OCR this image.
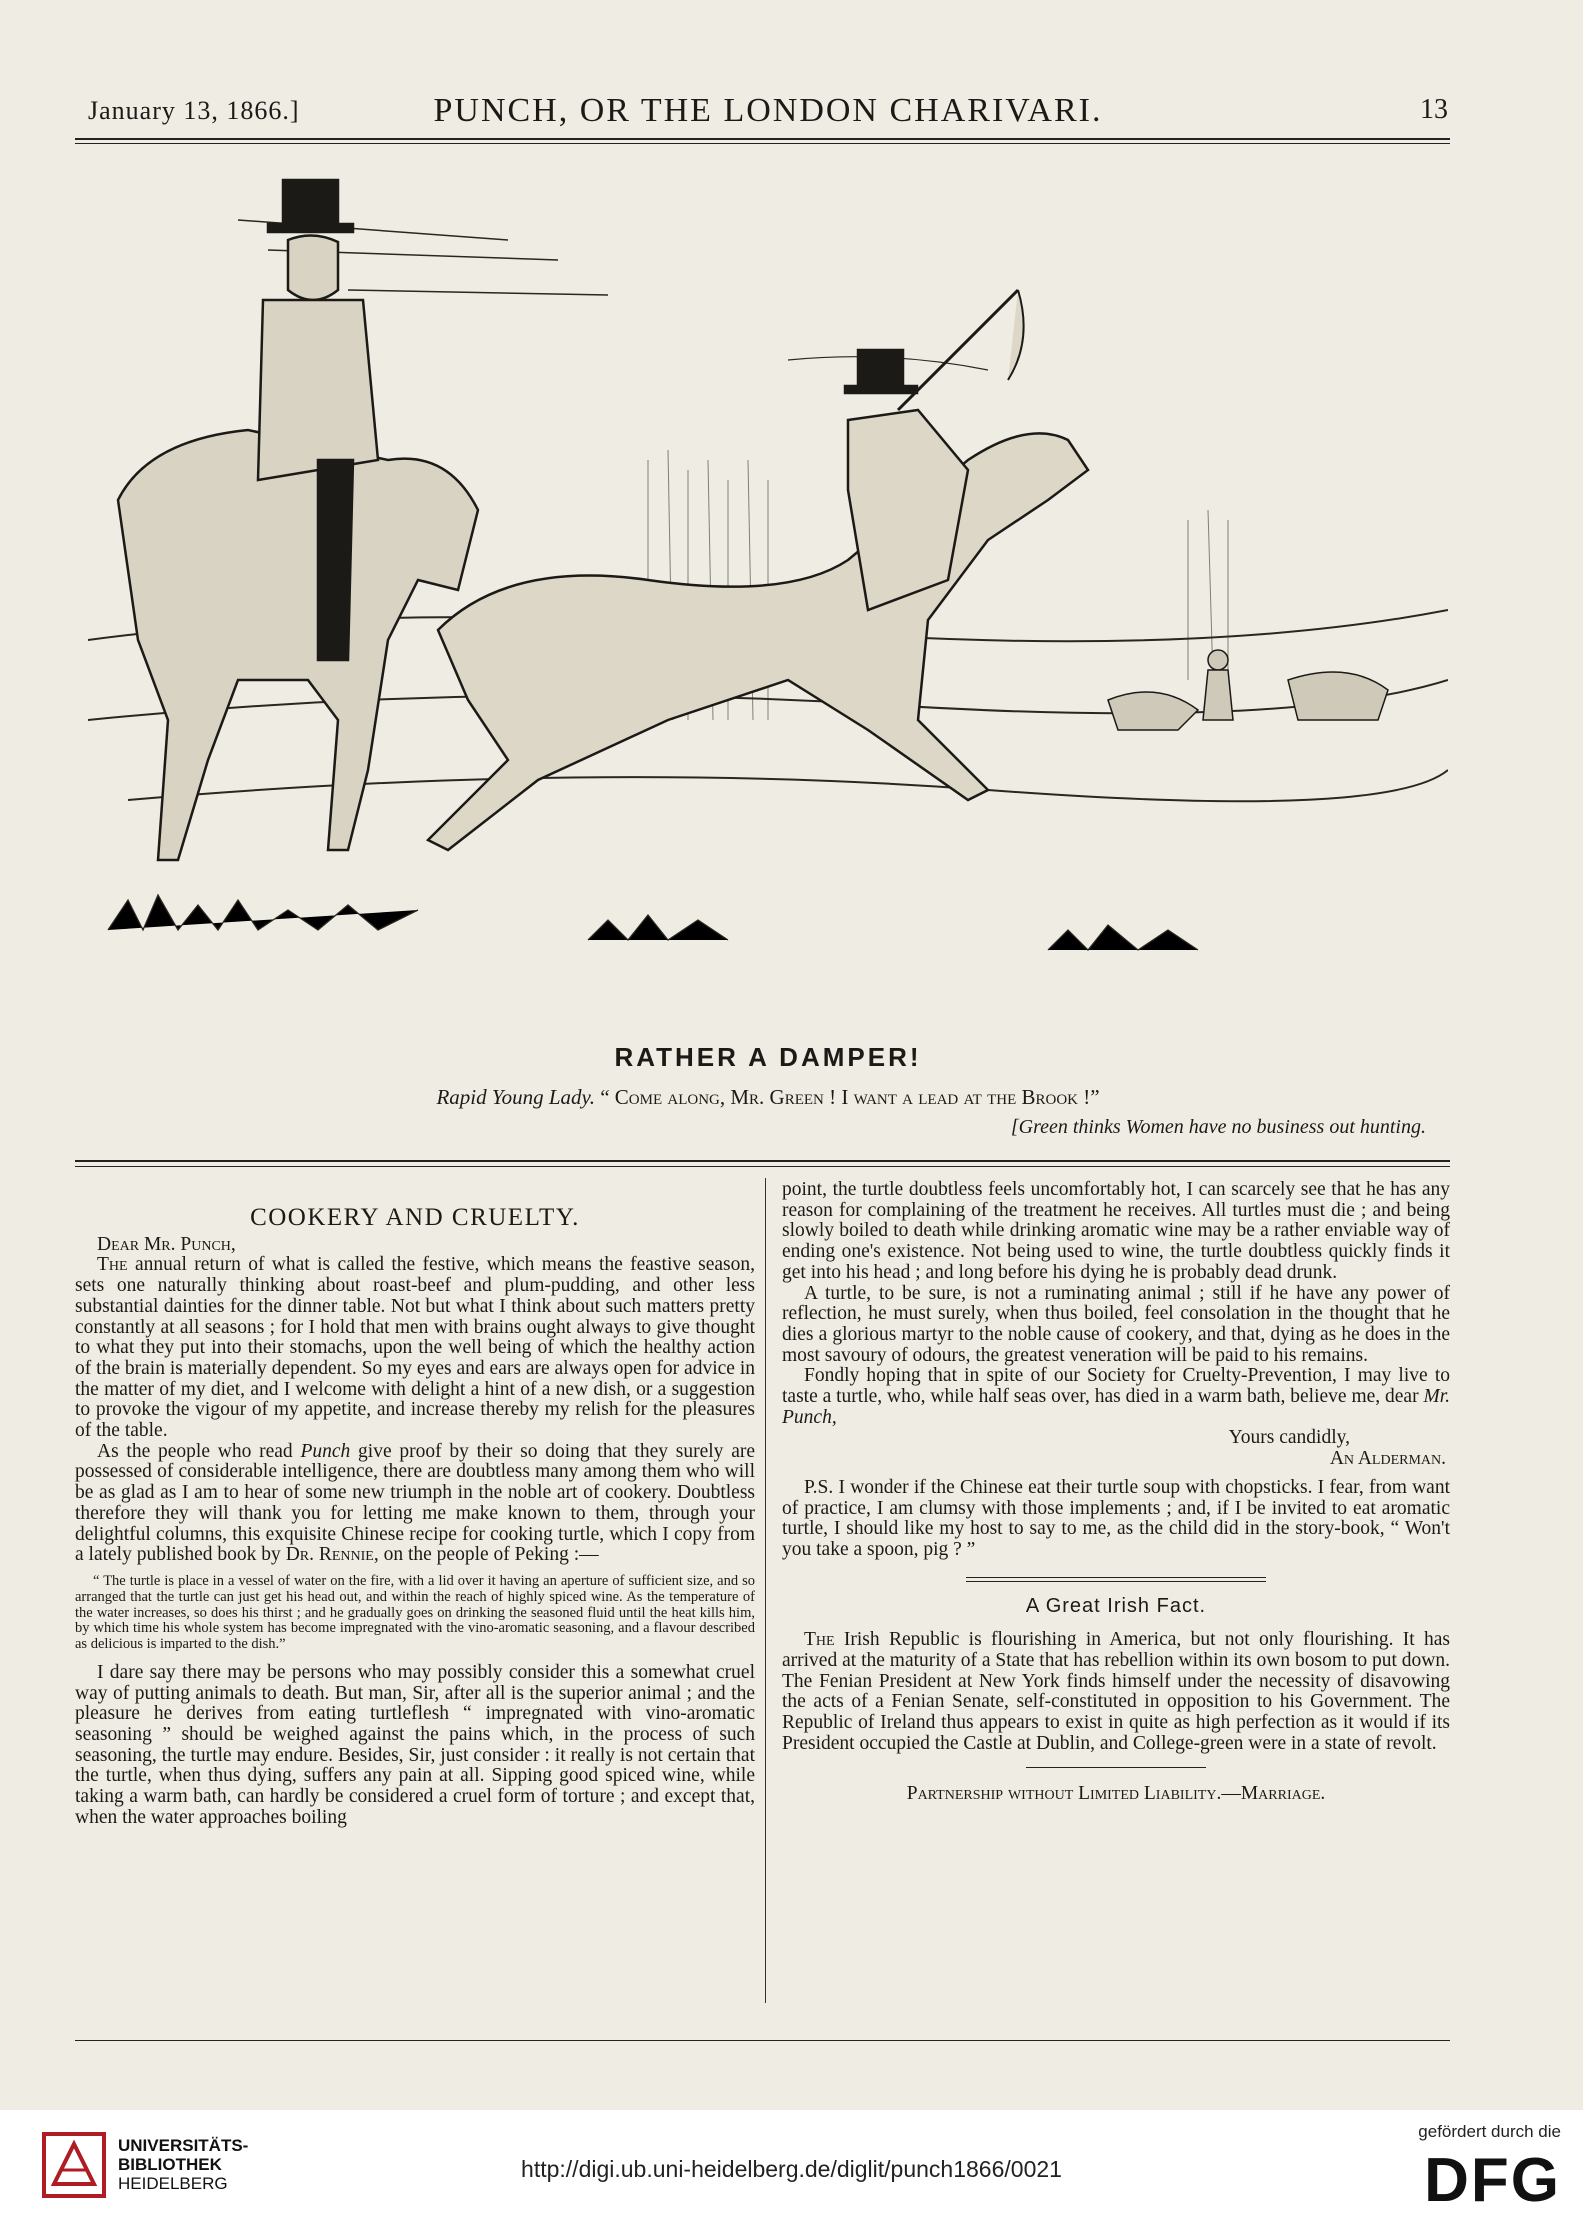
January 13, 1866.]	PUNCH, OR THE LONDON CHARIVARI.	13
RATHER A DAMPER!
Rapid Young Lady. “ Come along, Mr. Green ! I want a lead at the Brook !”
[Green thinks Women have no business out hunting.

COOKERY AND CRUELTY.

Dear Mr. Punch,

The annual return of what is called the festive, which means the feastive season, sets one naturally thinking about roast-beef and plum-pudding, and other less substantial dainties for the dinner table. Not but what I think about such matters pretty constantly at all seasons ; for I hold that men with brains ought always to give thought to what they put into their stomachs, upon the well being of which the healthy action of the brain is materially dependent. So my eyes and ears are always open for advice in the matter of my diet, and I welcome with delight a hint of a new dish, or a suggestion to provoke the vigour of my appetite, and increase thereby my relish for the pleasures of the table.

As the people who read Punch give proof by their so doing that they surely are possessed of considerable intelligence, there are doubtless many among them who will be as glad as I am to hear of some new triumph in the noble art of cookery. Doubtless therefore they will thank you for letting me make known to them, through your delightful columns, this exquisite Chinese recipe for cooking turtle, which I copy from a lately published book by Dr. Rennie, on the people of Peking :—

“ The turtle is place in a vessel of water on the fire, with a lid over it having an aperture of sufficient size, and so arranged that the turtle can just get his head out, and within the reach of highly spiced wine. As the temperature of the water increases, so does his thirst ; and he gradually goes on drinking the seasoned fluid until the heat kills him, by which time his whole system has become impregnated with the vino-aromatic seasoning, and a flavour described as delicious is imparted to the dish.”

I dare say there may be persons who may possibly consider this a somewhat cruel way of putting animals to death. But man, Sir, after all is the superior animal ; and the pleasure he derives from eating turtleflesh “ impregnated with vino-aromatic seasoning ” should be weighed against the pains which, in the process of such seasoning, the turtle may endure. Besides, Sir, just consider : it really is not certain that the turtle, when thus dying, suffers any pain at all. Sipping good spiced wine, while taking a warm bath, can hardly be considered a cruel form of torture ; and except that, when the water approaches boiling

point, the turtle doubtless feels uncomfortably hot, I can scarcely see that he has any reason for complaining of the treatment he receives. All turtles must die ; and being slowly boiled to death while drinking aromatic wine may be a rather enviable way of ending one's existence. Not being used to wine, the turtle doubtless quickly finds it get into his head ; and long before his dying he is probably dead drunk.

A turtle, to be sure, is not a ruminating animal ; still if he have any power of reflection, he must surely, when thus boiled, feel consolation in the thought that he dies a glorious martyr to the noble cause of cookery, and that, dying as he does in the most savoury of odours, the greatest veneration will be paid to his remains.

Fondly hoping that in spite of our Society for Cruelty-Prevention, I may live to taste a turtle, who, while half seas over, has died in a warm bath, believe me, dear Mr. Punch,

Yours candidly,

An Alderman.

P.S. I wonder if the Chinese eat their turtle soup with chopsticks. I fear, from want of practice, I am clumsy with those implements ; and, if I be invited to eat aromatic turtle, I should like my host to say to me, as the child did in the story-book, “ Won't you take a spoon, pig ? ”

A Great Irish Fact.

The Irish Republic is flourishing in America, but not only flourishing. It has arrived at the maturity of a State that has rebellion within its own bosom to put down. The Fenian President at New York finds himself under the necessity of disavowing the acts of a Fenian Senate, self-constituted in opposition to his Government. The Republic of Ireland thus appears to exist in quite as high perfection as it would if its President occupied the Castle at Dublin, and College-green were in a state of revolt.

Partnership without Limited Liability.—Marriage.

UNIVERSITÄTS-
BIBLIOTHEK
HEIDELBERG
http://digi.ub.uni-heidelberg.de/diglit/punch1866/0021
gefördert durch die
DFG
